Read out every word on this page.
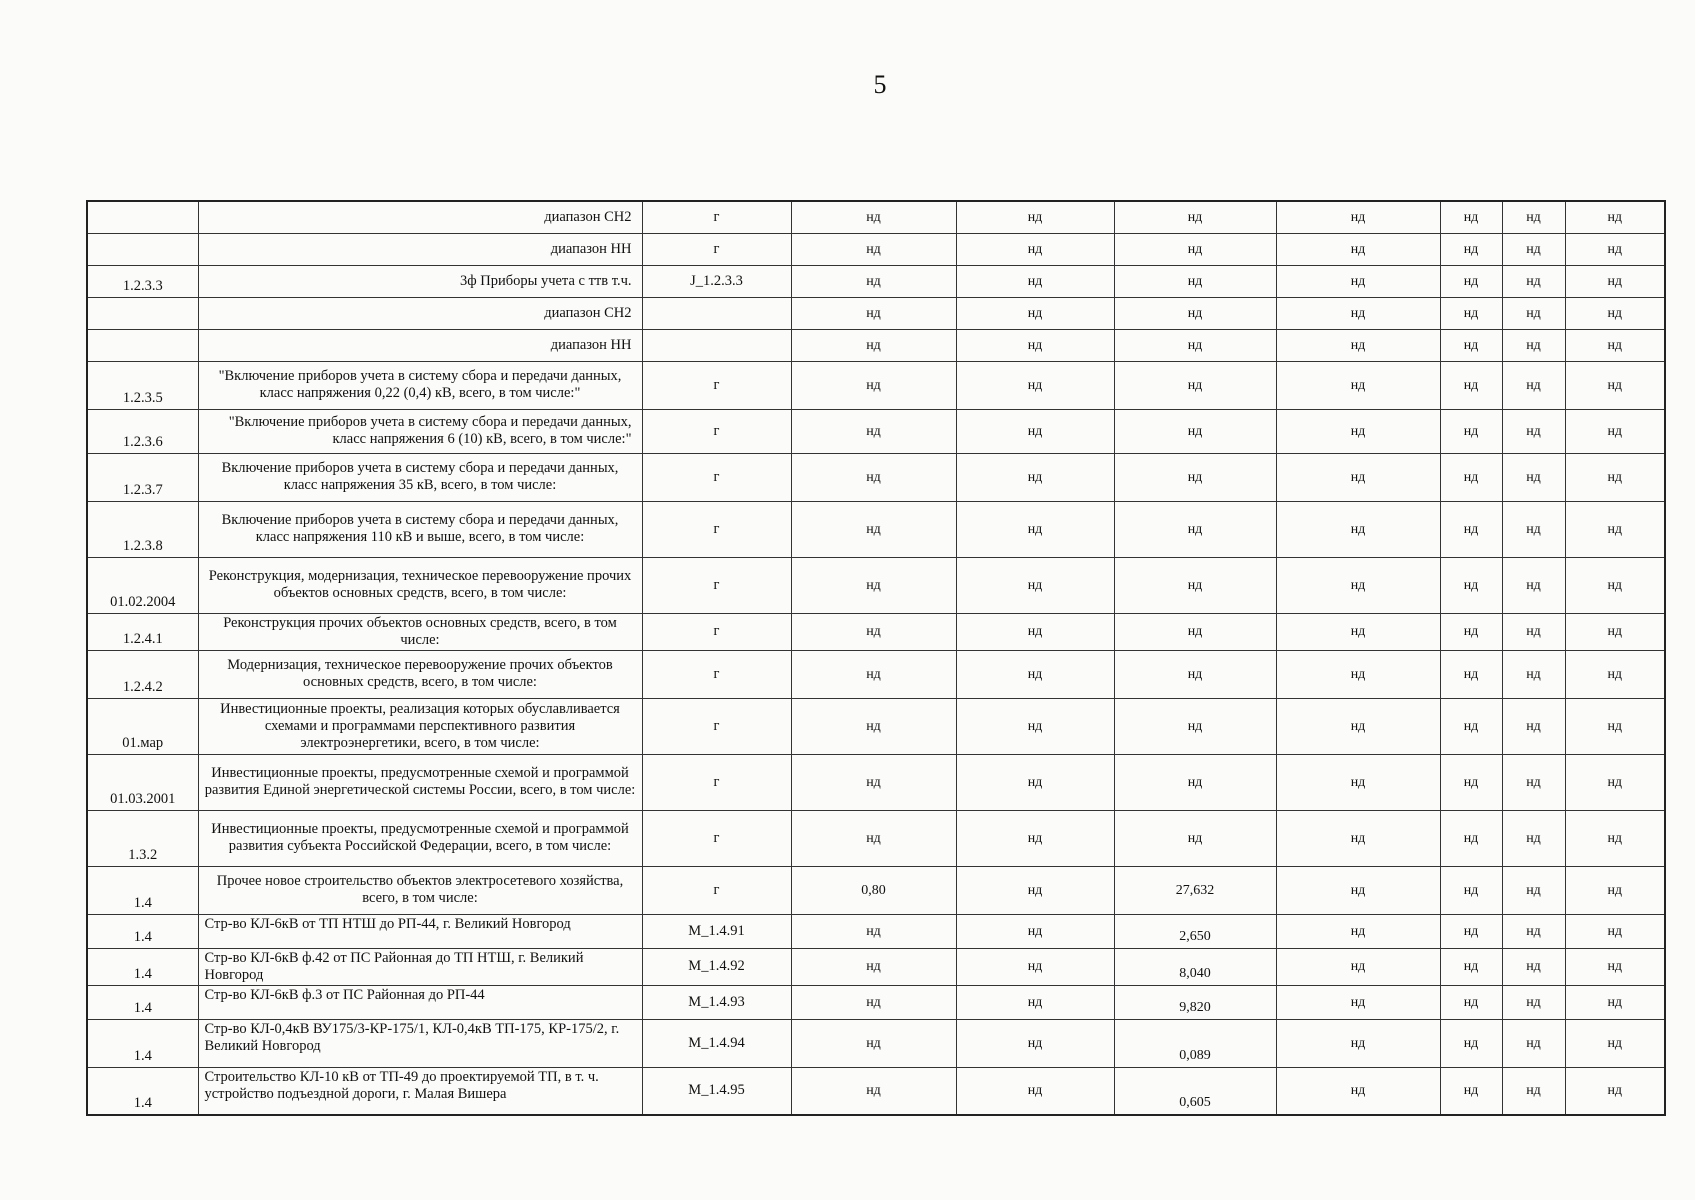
5
	диапазон СН2	г	нд	нд	нд	нд	нд	нд	нд
	диапазон НН	г	нд	нд	нд	нд	нд	нд	нд
1.2.3.3	3ф Приборы учета с ттв т.ч.	J_1.2.3.3	нд	нд	нд	нд	нд	нд	нд
	диапазон СН2		нд	нд	нд	нд	нд	нд	нд
	диапазон НН		нд	нд	нд	нд	нд	нд	нд
1.2.3.5	"Включение приборов учета в систему сбора и передачи данных, класс напряжения 0,22 (0,4) кВ, всего, в том числе:"	г	нд	нд	нд	нд	нд	нд	нд
1.2.3.6	"Включение приборов учета в систему сбора и передачи данных, класс напряжения 6 (10) кВ, всего, в том числе:"	г	нд	нд	нд	нд	нд	нд	нд
1.2.3.7	Включение приборов учета в систему сбора и передачи данных, класс напряжения 35 кВ, всего, в том числе:	г	нд	нд	нд	нд	нд	нд	нд
1.2.3.8	Включение приборов учета в систему сбора и передачи данных, класс напряжения 110 кВ и выше, всего, в том числе:	г	нд	нд	нд	нд	нд	нд	нд
01.02.2004	Реконструкция, модернизация, техническое перевооружение прочих объектов основных средств, всего, в том числе:	г	нд	нд	нд	нд	нд	нд	нд
1.2.4.1	Реконструкция прочих объектов основных средств, всего, в том числе:	г	нд	нд	нд	нд	нд	нд	нд
1.2.4.2	Модернизация, техническое перевооружение прочих объектов основных средств, всего, в том числе:	г	нд	нд	нд	нд	нд	нд	нд
01.мар	Инвестиционные проекты, реализация которых обуславливается схемами и программами перспективного развития электроэнергетики, всего, в том числе:	г	нд	нд	нд	нд	нд	нд	нд
01.03.2001	Инвестиционные проекты, предусмотренные схемой и программой развития Единой энергетической системы России, всего, в том числе:	г	нд	нд	нд	нд	нд	нд	нд
1.3.2	Инвестиционные проекты, предусмотренные схемой и программой развития субъекта Российской Федерации, всего, в том числе:	г	нд	нд	нд	нд	нд	нд	нд
1.4	Прочее новое строительство объектов электросетевого хозяйства, всего, в том числе:	г	0,80	нд	27,632	нд	нд	нд	нд
1.4	Стр-во КЛ-6кВ от ТП НТШ до РП-44, г. Великий Новгород	М_1.4.91	нд	нд	2,650	нд	нд	нд	нд
1.4	Стр-во КЛ-6кВ ф.42 от ПС Районная до ТП НТШ, г. Великий Новгород	М_1.4.92	нд	нд	8,040	нд	нд	нд	нд
1.4	Стр-во КЛ-6кВ ф.3 от ПС Районная до РП-44	М_1.4.93	нд	нд	9,820	нд	нд	нд	нд
1.4	Стр-во КЛ-0,4кВ ВУ175/3-КР-175/1, КЛ-0,4кВ ТП-175, КР-175/2, г. Великий Новгород	М_1.4.94	нд	нд	0,089	нд	нд	нд	нд
1.4	Строительство КЛ-10 кВ от ТП-49 до проектируемой ТП, в т. ч. устройство подъездной дороги, г. Малая Вишера	М_1.4.95	нд	нд	0,605	нд	нд	нд	нд
